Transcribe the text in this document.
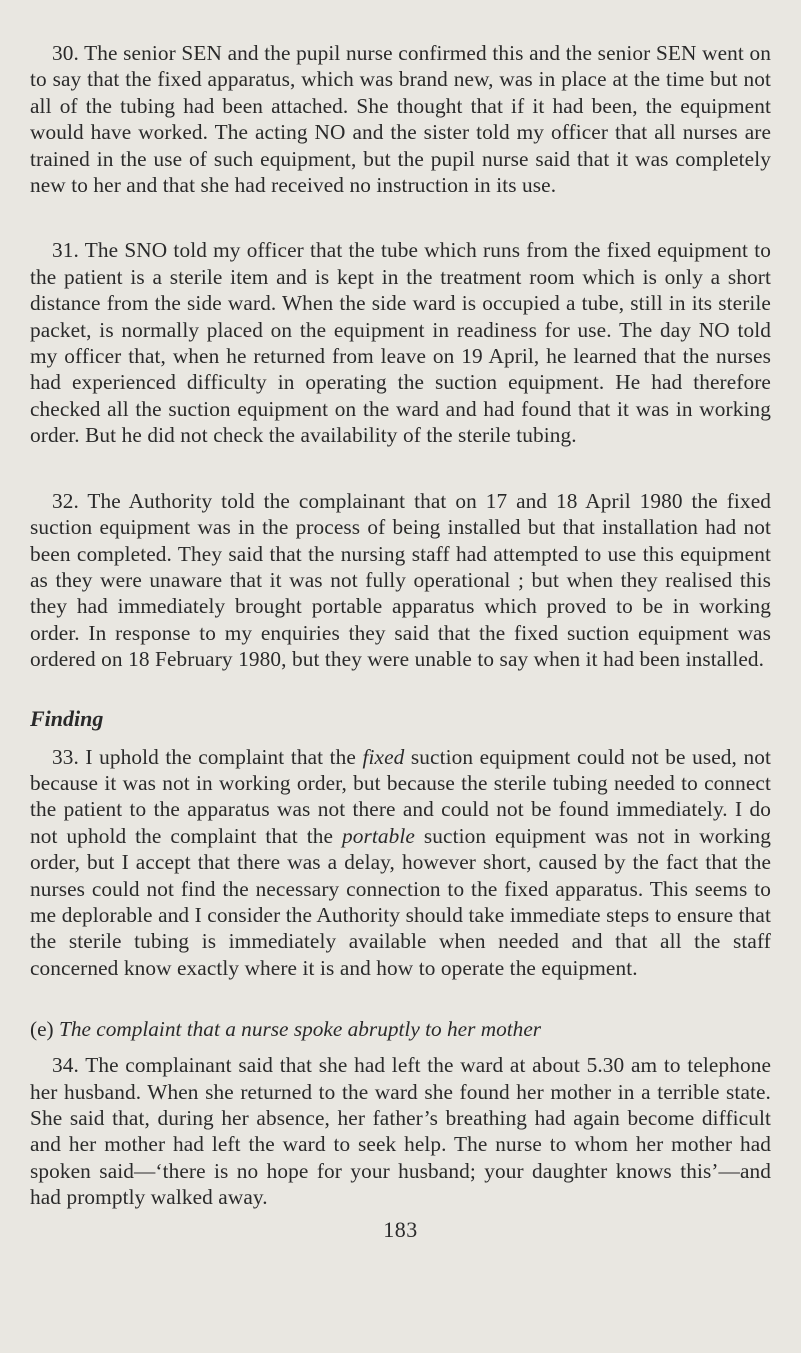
30. The senior SEN and the pupil nurse confirmed this and the senior SEN went on to say that the fixed apparatus, which was brand new, was in place at the time but not all of the tubing had been attached. She thought that if it had been, the equipment would have worked. The acting NO and the sister told my officer that all nurses are trained in the use of such equipment, but the pupil nurse said that it was completely new to her and that she had received no instruction in its use.

31. The SNO told my officer that the tube which runs from the fixed equipment to the patient is a sterile item and is kept in the treatment room which is only a short distance from the side ward. When the side ward is occupied a tube, still in its sterile packet, is normally placed on the equipment in readiness for use. The day NO told my officer that, when he returned from leave on 19 April, he learned that the nurses had experienced difficulty in operating the suction equipment. He had therefore checked all the suction equipment on the ward and had found that it was in working order. But he did not check the availability of the sterile tubing.

32. The Authority told the complainant that on 17 and 18 April 1980 the fixed suction equipment was in the process of being installed but that installation had not been completed. They said that the nursing staff had attempted to use this equipment as they were unaware that it was not fully operational ; but when they realised this they had immediately brought portable apparatus which proved to be in working order. In response to my enquiries they said that the fixed suction equipment was ordered on 18 February 1980, but they were unable to say when it had been installed.

Finding

33. I uphold the complaint that the fixed suction equipment could not be used, not because it was not in working order, but because the sterile tubing needed to connect the patient to the apparatus was not there and could not be found immediately. I do not uphold the complaint that the portable suction equipment was not in working order, but I accept that there was a delay, however short, caused by the fact that the nurses could not find the necessary connection to the fixed apparatus. This seems to me deplorable and I consider the Authority should take immediate steps to ensure that the sterile tubing is immediately available when needed and that all the staff concerned know exactly where it is and how to operate the equipment.

(e) The complaint that a nurse spoke abruptly to her mother

34. The complainant said that she had left the ward at about 5.30 am to telephone her husband. When she returned to the ward she found her mother in a terrible state. She said that, during her absence, her father’s breathing had again become difficult and her mother had left the ward to seek help. The nurse to whom her mother had spoken said—‘there is no hope for your husband; your daughter knows this’—and had promptly walked away.

183
